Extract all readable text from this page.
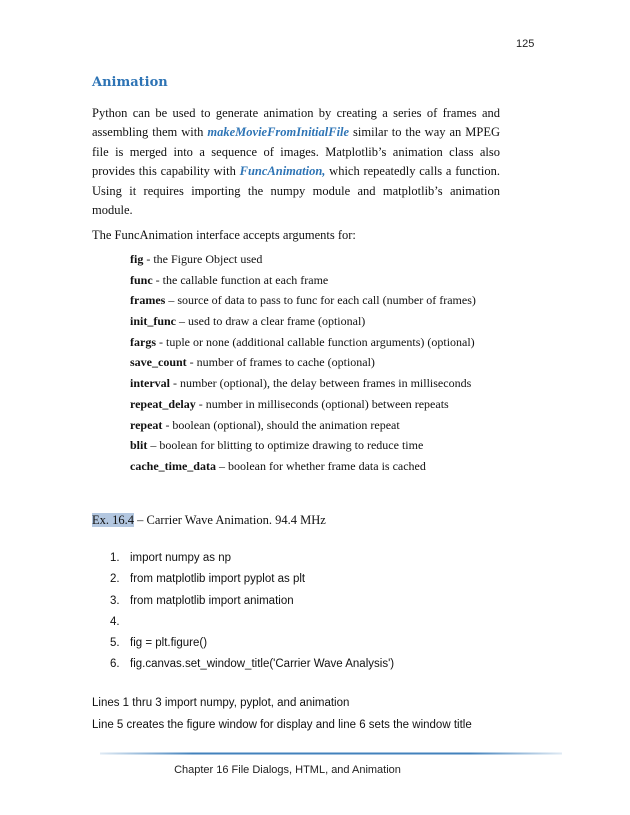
125
Animation

Python can be used to generate animation by creating a series of frames and assembling them with makeMovieFromInitialFile similar to the way an MPEG file is merged into a sequence of images. Matplotlib’s animation class also provides this capability with FuncAnimation, which repeatedly calls a function. Using it requires importing the numpy module and matplotlib’s animation module.

The FuncAnimation interface accepts arguments for:
fig - the Figure Object used
func - the callable function at each frame
frames – source of data to pass to func for each call (number of frames)
init_func – used to draw a clear frame (optional)
fargs - tuple or none (additional callable function arguments) (optional)
save_count - number of frames to cache (optional)
interval - number (optional), the delay between frames in milliseconds
repeat_delay - number in milliseconds (optional) between repeats
repeat - boolean (optional), should the animation repeat
blit – boolean for blitting to optimize drawing to reduce time
cache_time_data – boolean for whether frame data is cached
Ex. 16.4 – Carrier Wave Animation. 94.4 MHz
1. import numpy as np
2. from matplotlib import pyplot as plt
3. from matplotlib import animation
4.
5. fig = plt.figure()
6. fig.canvas.set_window_title('Carrier Wave Analysis')
Lines 1 thru 3 import numpy, pyplot, and animation
Line 5 creates the figure window for display and line 6 sets the window title
Chapter 16 File Dialogs, HTML, and Animation
